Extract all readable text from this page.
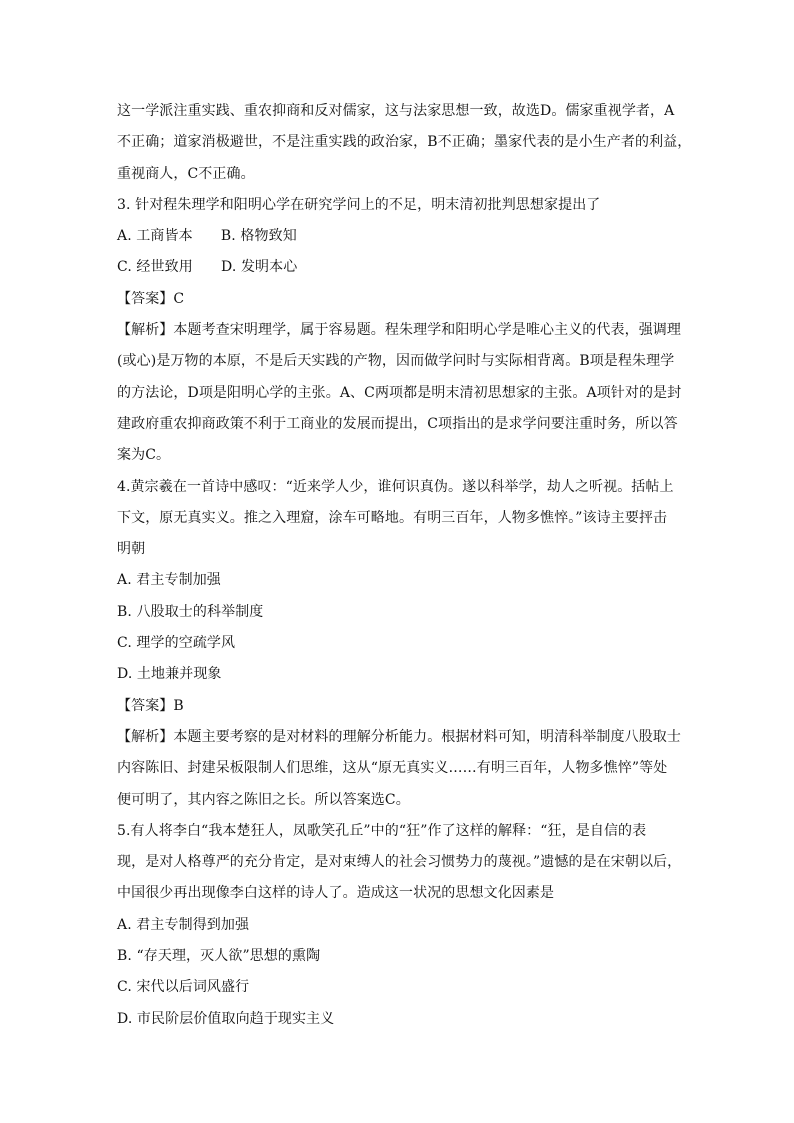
这一学派注重实践、重农抑商和反对儒家，这与法家思想一致，故选D。儒家重视学者，A
不正确；道家消极避世，不是注重实践的政治家，B不正确；墨家代表的是小生产者的利益，
重视商人，C不正确。
3. 针对程朱理学和阳明心学在研究学问上的不足，明末清初批判思想家提出了
A. 工商皆本　　B. 格物致知
C. 经世致用　　D. 发明本心
【答案】C
【解析】本题考查宋明理学，属于容易题。程朱理学和阳明心学是唯心主义的代表，强调理
(或心)是万物的本原，不是后天实践的产物，因而做学问时与实际相背离。B项是程朱理学
的方法论，D项是阳明心学的主张。A、C两项都是明末清初思想家的主张。A项针对的是封
建政府重农抑商政策不利于工商业的发展而提出，C项指出的是求学问要注重时务，所以答
案为C。
4.黄宗羲在一首诗中感叹：“近来学人少，谁何识真伪。遂以科举学，劫人之听视。括帖上
下文，原无真实义。推之入理窟，涂车可略地。有明三百年，人物多憔悴。”该诗主要抨击
明朝
A. 君主专制加强
B. 八股取士的科举制度
C. 理学的空疏学风
D. 土地兼并现象
【答案】B
【解析】本题主要考察的是对材料的理解分析能力。根据材料可知，明清科举制度八股取士
内容陈旧、封建呆板限制人们思维，这从“原无真实义……有明三百年，人物多憔悴”等处
便可明了，其内容之陈旧之长。所以答案选C。
5.有人将李白“我本楚狂人，凤歌笑孔丘”中的“狂”作了这样的解释：“狂，是自信的表
现，是对人格尊严的充分肯定，是对束缚人的社会习惯势力的蔑视。”遗憾的是在宋朝以后，
中国很少再出现像李白这样的诗人了。造成这一状况的思想文化因素是
A. 君主专制得到加强
B. “存天理，灭人欲”思想的熏陶
C. 宋代以后词风盛行
D. 市民阶层价值取向趋于现实主义
